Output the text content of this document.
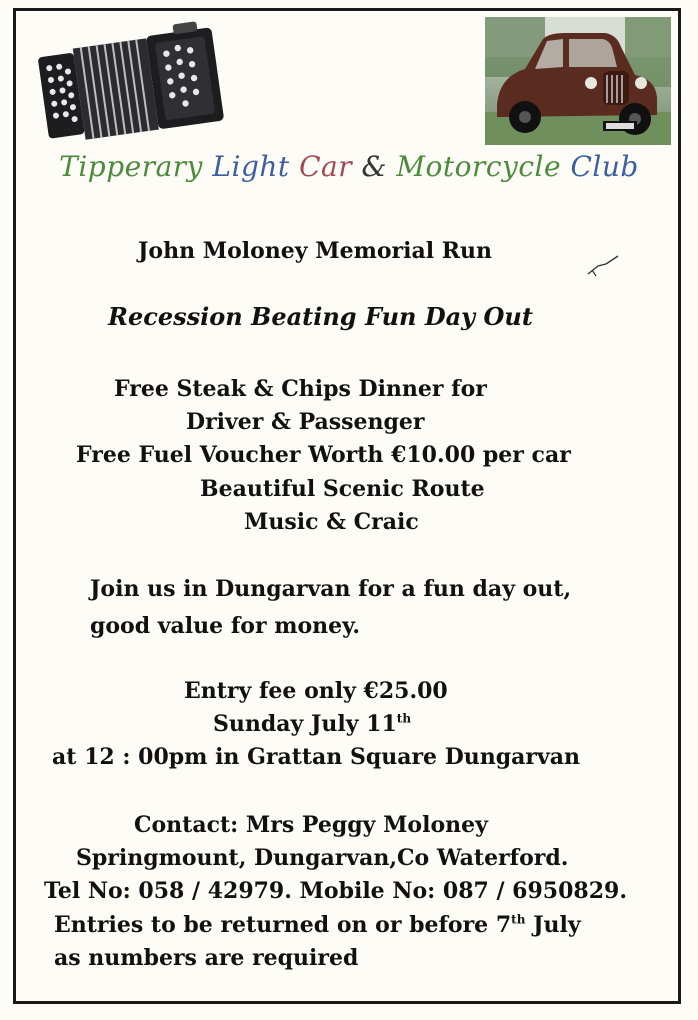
Tipperary Light Car & Motorcycle Club
John Moloney Memorial Run
Recession Beating Fun Day Out
Free Steak & Chips Dinner for
Driver & Passenger
Free Fuel Voucher Worth €10.00 per car
Beautiful Scenic Route
Music & Craic
Join us in Dungarvan for a fun day out,
good value for money.
Entry fee only €25.00
Sunday July 11th
at 12 : 00pm in Grattan Square Dungarvan
Contact: Mrs Peggy Moloney
Springmount, Dungarvan,Co Waterford.
Tel No: 058 / 42979. Mobile No: 087 / 6950829.
Entries to be returned on or before 7th July
as numbers are required
